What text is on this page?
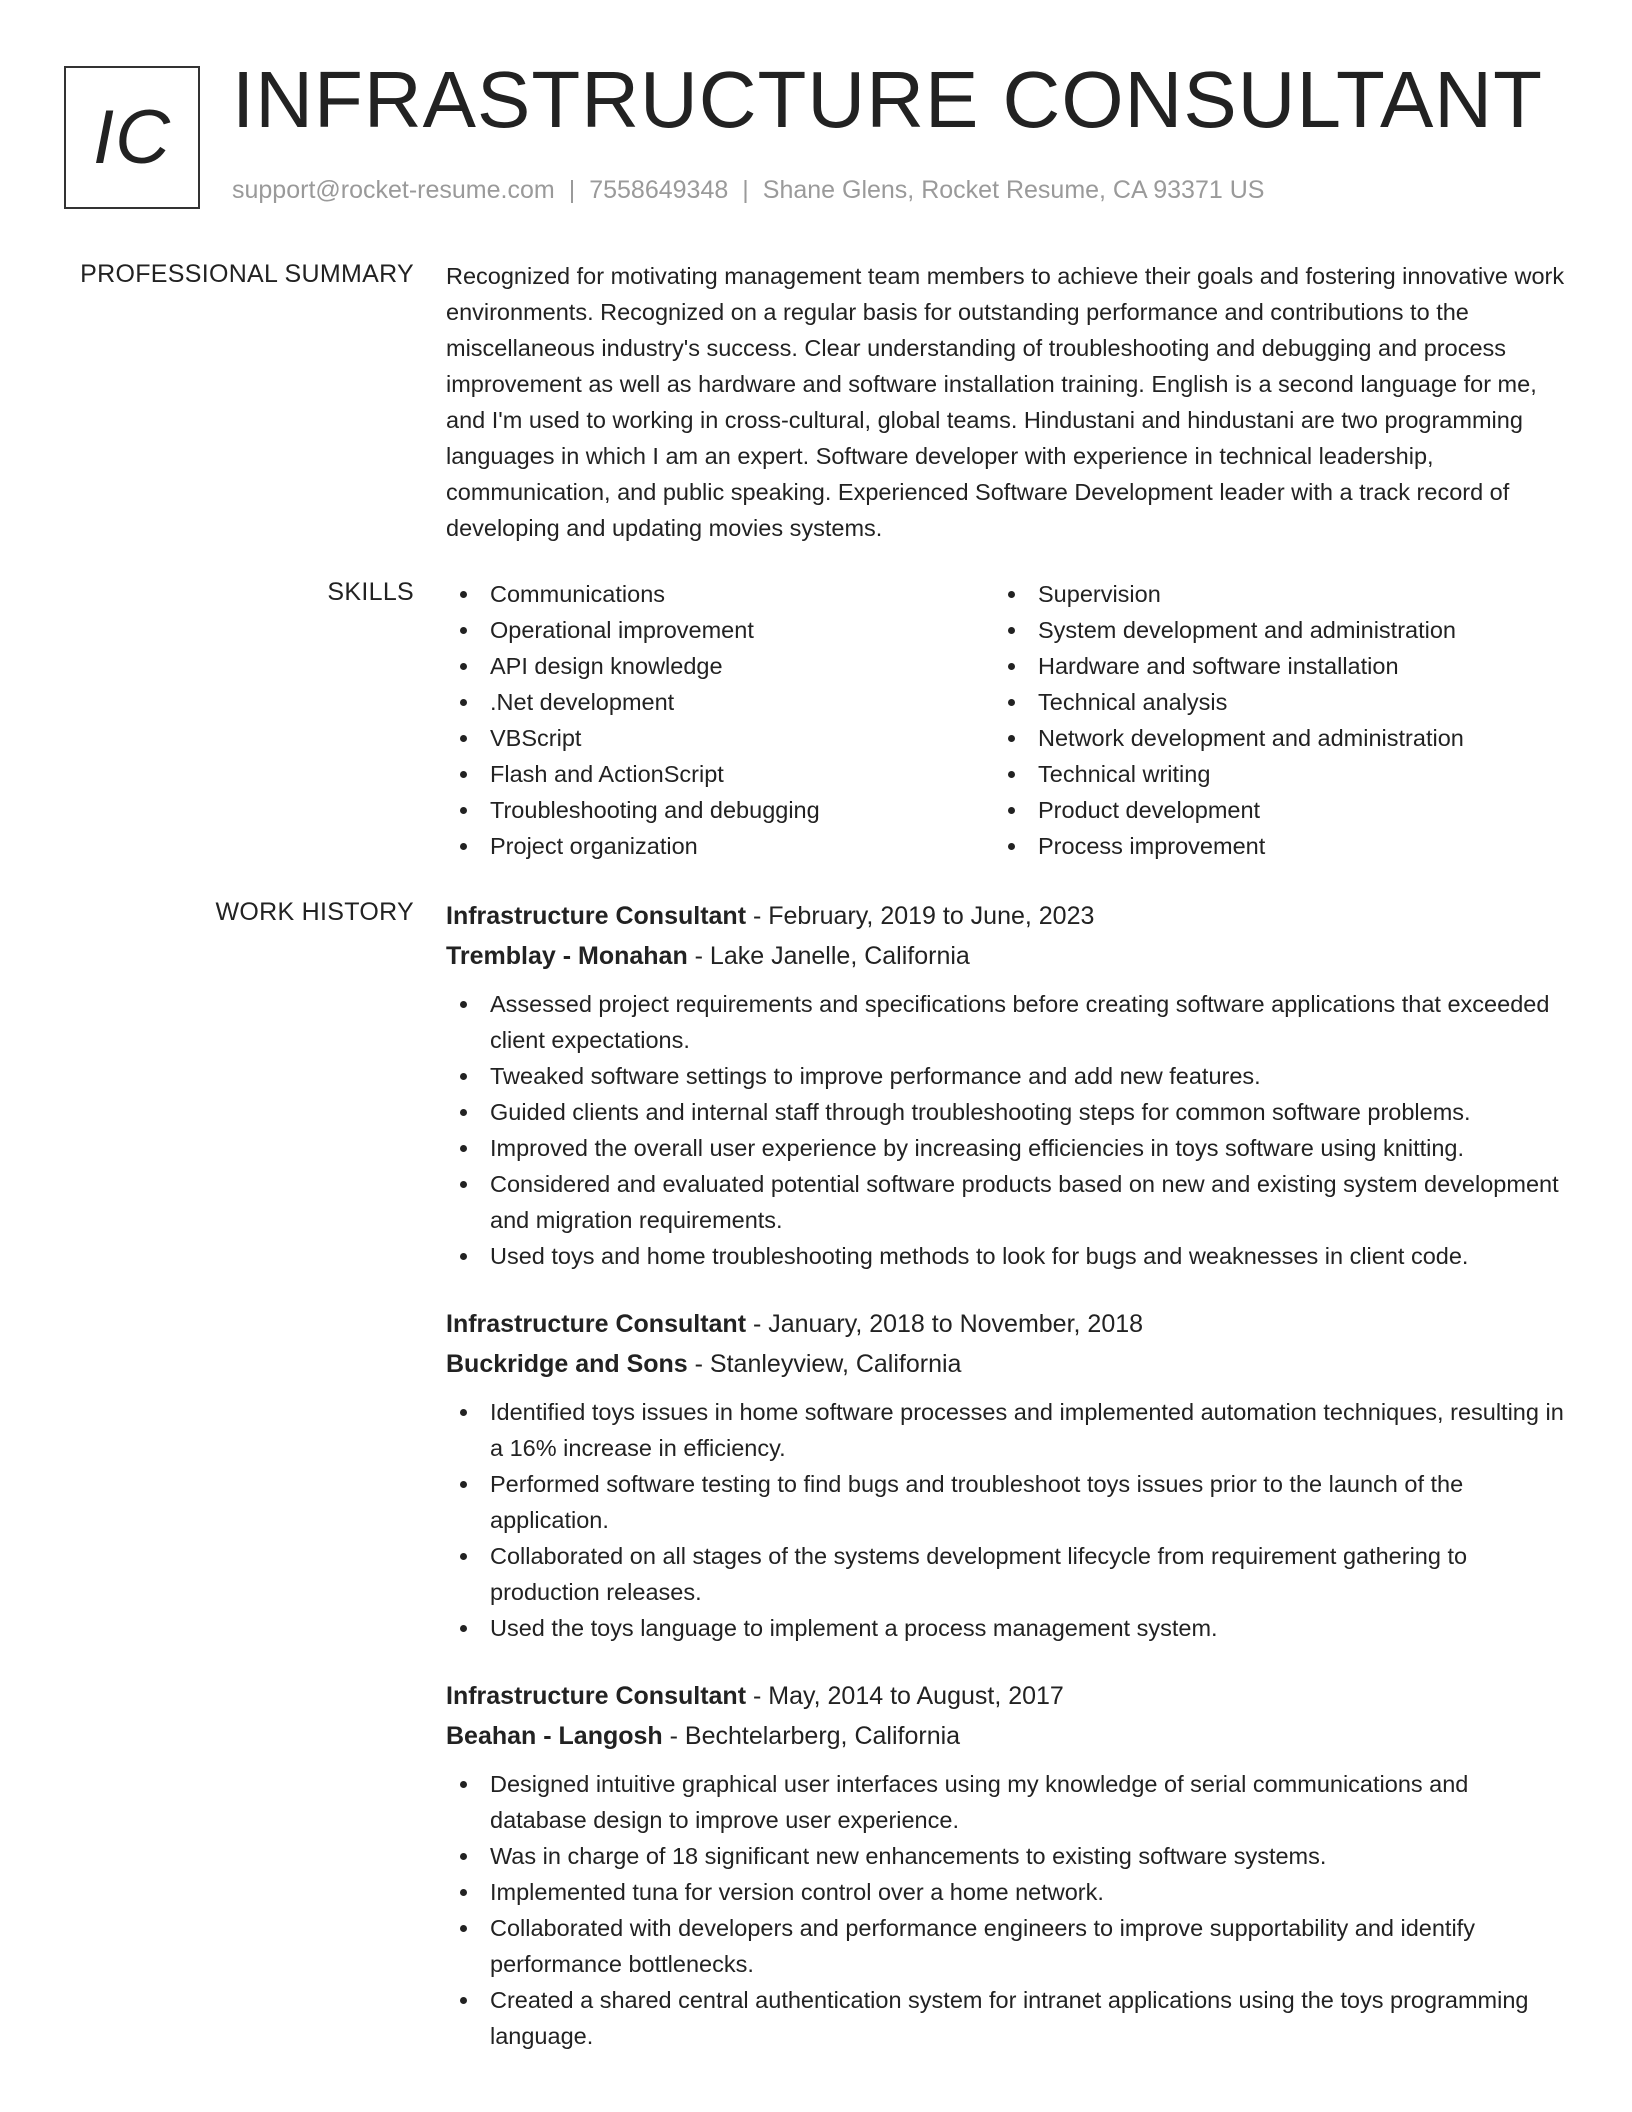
IC INFRASTRUCTURE CONSULTANT
support@rocket-resume.com | 7558649348 | Shane Glens, Rocket Resume, CA 93371 US
PROFESSIONAL SUMMARY Recognized for motivating management team members to achieve their goals and fostering innovative work environments. Recognized on a regular basis for outstanding performance and contributions to the miscellaneous industry's success. Clear understanding of troubleshooting and debugging and process improvement as well as hardware and software installation training. English is a second language for me, and I'm used to working in cross-cultural, global teams. Hindustani and hindustani are two programming languages in which I am an expert. Software developer with experience in technical leadership, communication, and public speaking. Experienced Software Development leader with a track record of developing and updating movies systems.

SKILLS	Communications
Operational improvement
API design knowledge
.Net development
VBScript
Flash and ActionScript
Troubleshooting and debugging
Project organization
Supervision
System development and administration
Hardware and software installation
Technical analysis
Network development and administration
Technical writing
Product development
Process improvement
WORK HISTORY Infrastructure Consultant - February, 2019 to June, 2023
Tremblay - Monahan - Lake Janelle, California
Assessed project requirements and specifications before creating software applications that exceeded client expectations.
Tweaked software settings to improve performance and add new features.
Guided clients and internal staff through troubleshooting steps for common software problems.
Improved the overall user experience by increasing efficiencies in toys software using knitting.
Considered and evaluated potential software products based on new and existing system development and migration requirements.
Used toys and home troubleshooting methods to look for bugs and weaknesses in client code.
Infrastructure Consultant - January, 2018 to November, 2018
Buckridge and Sons - Stanleyview, California
Identified toys issues in home software processes and implemented automation techniques, resulting in a 16% increase in efficiency.
Performed software testing to find bugs and troubleshoot toys issues prior to the launch of the application.
Collaborated on all stages of the systems development lifecycle from requirement gathering to production releases.
Used the toys language to implement a process management system.
Infrastructure Consultant - May, 2014 to August, 2017
Beahan - Langosh - Bechtelarberg, California
Designed intuitive graphical user interfaces using my knowledge of serial communications and database design to improve user experience.
Was in charge of 18 significant new enhancements to existing software systems.
Implemented tuna for version control over a home network.
Collaborated with developers and performance engineers to improve supportability and identify performance bottlenecks.
Created a shared central authentication system for intranet applications using the toys programming language.
